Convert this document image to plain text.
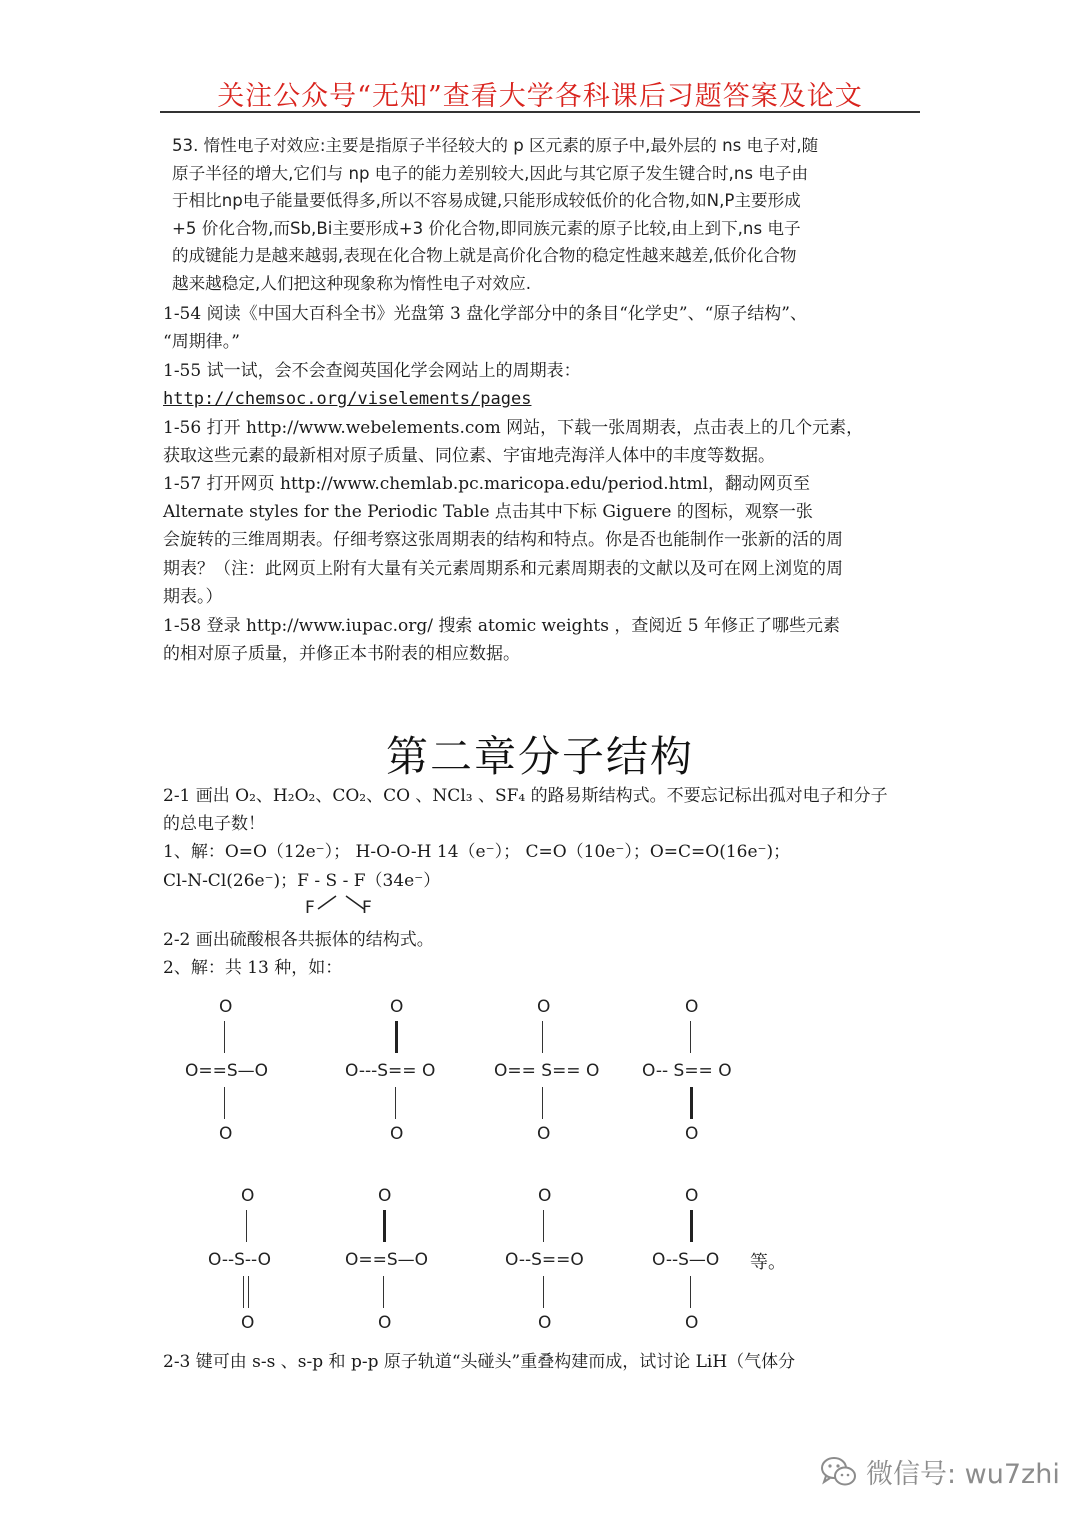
关注公众号“无知”查看大学各科课后习题答案及论文
53. 惰性电子对效应:主要是指原子半径较大的 p 区元素的原子中,最外层的 ns 电子对,随
原子半径的增大,它们与 np 电子的能力差别较大,因此与其它原子发生键合时,ns 电子由
于相比np电子能量要低得多,所以不容易成键,只能形成较低价的化合物,如N,P主要形成
+5 价化合物,而Sb,Bi主要形成+3 价化合物,即同族元素的原子比较,由上到下,ns 电子
的成键能力是越来越弱,表现在化合物上就是高价化合物的稳定性越来越差,低价化合物
越来越稳定,人们把这种现象称为惰性电子对效应.
1-54 阅读《中国大百科全书》光盘第 3 盘化学部分中的条目“化学史”、“原子结构”、
“周期律。”
1-55 试一试，会不会查阅英国化学会网站上的周期表：
http://chemsoc.org/viselements/pages
1-56 打开 http://www.webelements.com 网站，下载一张周期表，点击表上的几个元素，
获取这些元素的最新相对原子质量、同位素、宇宙地壳海洋人体中的丰度等数据。
1-57 打开网页 http://www.chemlab.pc.maricopa.edu/period.html，翻动网页至
Alternate styles for the Periodic Table 点击其中下标 Giguere 的图标，观察一张
会旋转的三维周期表。仔细考察这张周期表的结构和特点。你是否也能制作一张新的活的周
期表？（注：此网页上附有大量有关元素周期系和元素周期表的文献以及可在网上浏览的周
期表。）
1-58 登录 http://www.iupac.org/ 搜索 atomic weights ，查阅近 5 年修正了哪些元素
的相对原子质量，并修正本书附表的相应数据。
第二章分子结构
2-1 画出 O₂、H₂O₂、CO₂、CO 、NCl₃ 、SF₄ 的路易斯结构式。不要忘记标出孤对电子和分子
的总电子数！
1、解：O=O（12e⁻）； H-O-O-H 14（e⁻）； C=O（10e⁻）；O=C=O(16e⁻)；
Cl-N-Cl(26e⁻)；F - S - F（34e⁻）
F	F
2-2 画出硫酸根各共振体的结构式。
2、解：共 13 种，如：
O
O==S—O
O
O
O---S== O
O
O
O== S== O
O
O
O-- S== O
O
O
O--S--O
O
O
O==S—O
O
O
O--S==O
O
O
O--S—O
O
等。
2-3 键可由 s-s 、s-p 和 p-p 原子轨道“头碰头”重叠构建而成，试讨论 LiH（气体分
微信号: wu7zhi
